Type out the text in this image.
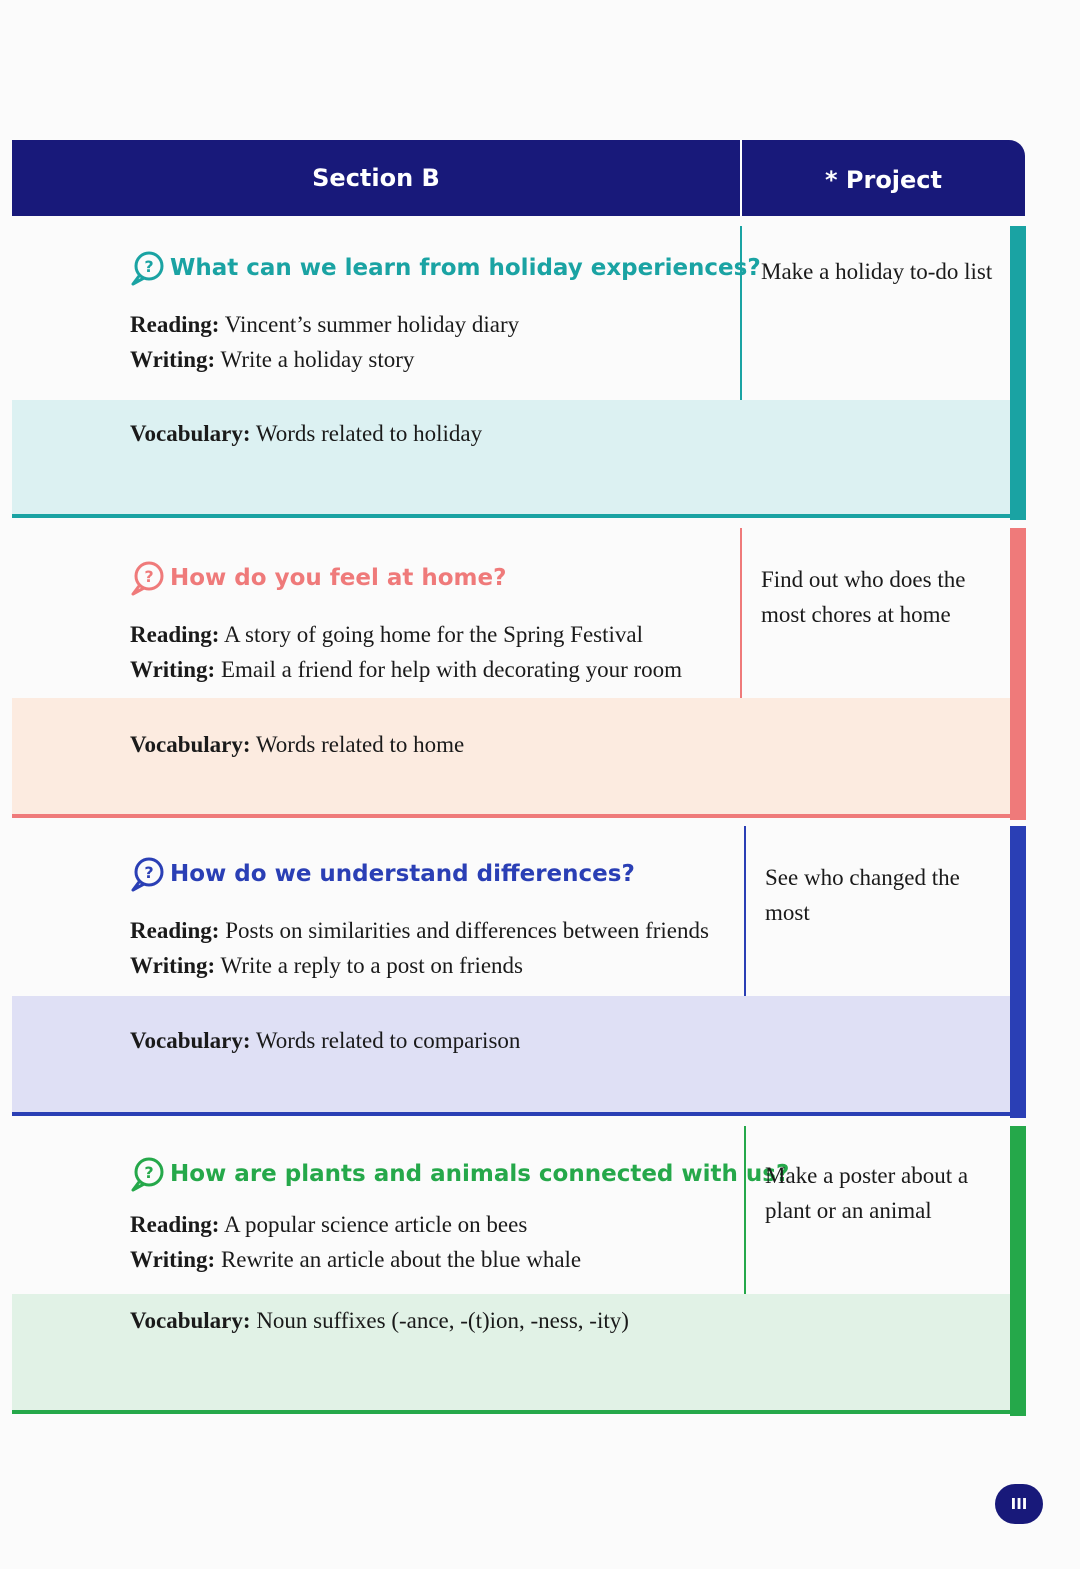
Section B	* Project
? What can we learn from holiday experiences?
Reading: Vincent’s summer holiday diary
Writing: Write a holiday story
Vocabulary: Words related to holiday
Make a holiday to-do list
? How do you feel at home?
Reading: A story of going home for the Spring Festival
Writing: Email a friend for help with decorating your room
Vocabulary: Words related to home
Find out who does the most chores at home
? How do we understand differences?
Reading: Posts on similarities and differences between friends
Writing: Write a reply to a post on friends
Vocabulary: Words related to comparison
See who changed the most
? How are plants and animals connected with us?
Reading: A popular science article on bees
Writing: Rewrite an article about the blue whale
Vocabulary: Noun suffixes (-ance, -(t)ion, -ness, -ity)
Make a poster about a plant or an animal
III
